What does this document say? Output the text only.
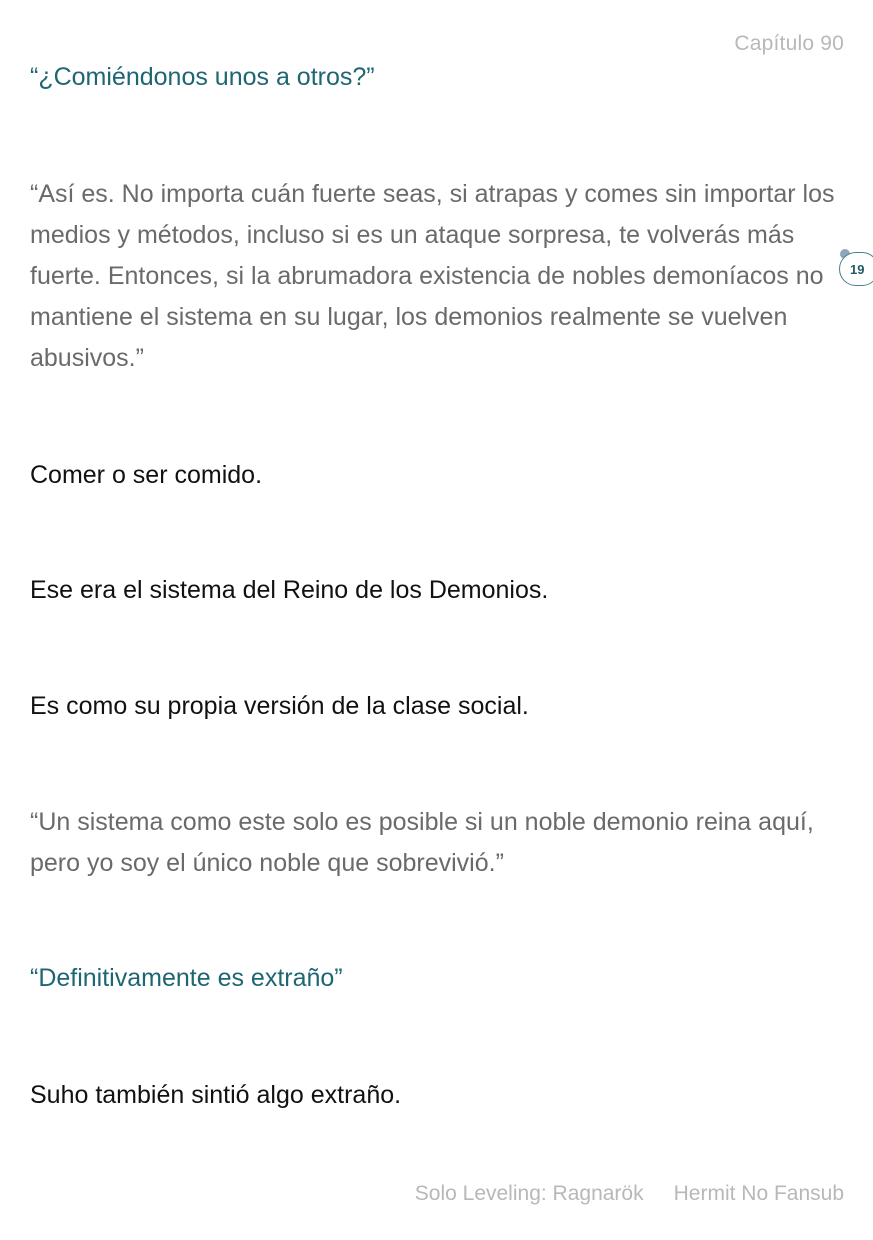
Capítulo 90

“¿Comiéndonos unos a otros?”

“Así es. No importa cuán fuerte seas, si atrapas y comes sin importar los medios y métodos, incluso si es un ataque sorpresa, te volverás más fuerte. Entonces, si la abrumadora existencia de nobles demoníacos no mantiene el sistema en su lugar, los demonios realmente se vuelven abusivos.”

19

Comer o ser comido.

Ese era el sistema del Reino de los Demonios.

Es como su propia versión de la clase social.

“Un sistema como este solo es posible si un noble demonio reina aquí, pero yo soy el único noble que sobrevivió.”

“Definitivamente es extraño”

Suho también sintió algo extraño.

Solo Leveling: Ragnarök Hermit No Fansub
